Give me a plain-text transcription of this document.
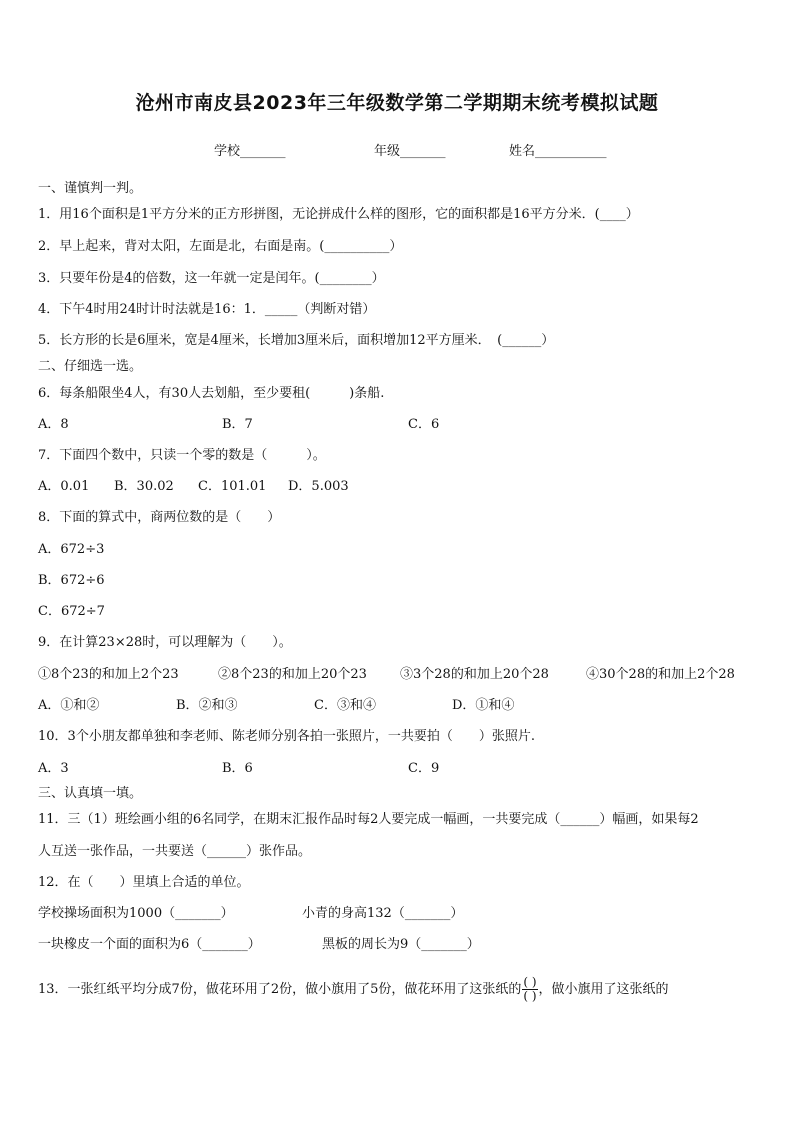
沧州市南皮县2023年三年级数学第二学期期末统考模拟试题
学校_______	年级_______	姓名___________
一、谨慎判一判。
1．用16个面积是1平方分米的正方形拼图，无论拼成什么样的图形，它的面积都是16平方分米．(____）
2．早上起来，背对太阳，左面是北，右面是南。(__________）
3．只要年份是4的倍数，这一年就一定是闰年。(________）
4．下午4时用24时计时法就是16：1．_____（判断对错）
5．长方形的长是6厘米，宽是4厘米，长增加3厘米后，面积增加12平方厘米．　(______）
二、仔细选一选。
6．每条船限坐4人，有30人去划船，至少要租(　　　)条船.
A．8	B．7	C．6
7．下面四个数中，只读一个零的数是（　　　）。
A．0.01 B．30.02 C．101.01 D．5.003
8．下面的算式中，商两位数的是（　　）
A．672÷3
B．672÷6
C．672÷7
9．在计算23×28时，可以理解为（　　）。
①8个23的和加上2个23	②8个23的和加上20个23	③3个28的和加上20个28	④30个28的和加上2个28
A．①和②	B．②和③	C．③和④	D．①和④
10．3个小朋友都单独和李老师、陈老师分别各拍一张照片，一共要拍（　　）张照片.
A．3	B．6	C．9
三、认真填一填。
11．三（1）班绘画小组的6名同学，在期末汇报作品时每2人要完成一幅画，一共要完成（______）幅画，如果每2
人互送一张作品，一共要送（______）张作品。
12．在（　　）里填上合适的单位。
学校操场面积为1000（_______）	小青的身高132（_______）
一块橡皮一个面的面积为6（_______）	黑板的周长为9（_______）
13．一张红纸平均分成7份，做花环用了2份，做小旗用了5份，做花环用了这张纸的 $\frac{( )}{( )}$ ，做小旗用了这张纸的
